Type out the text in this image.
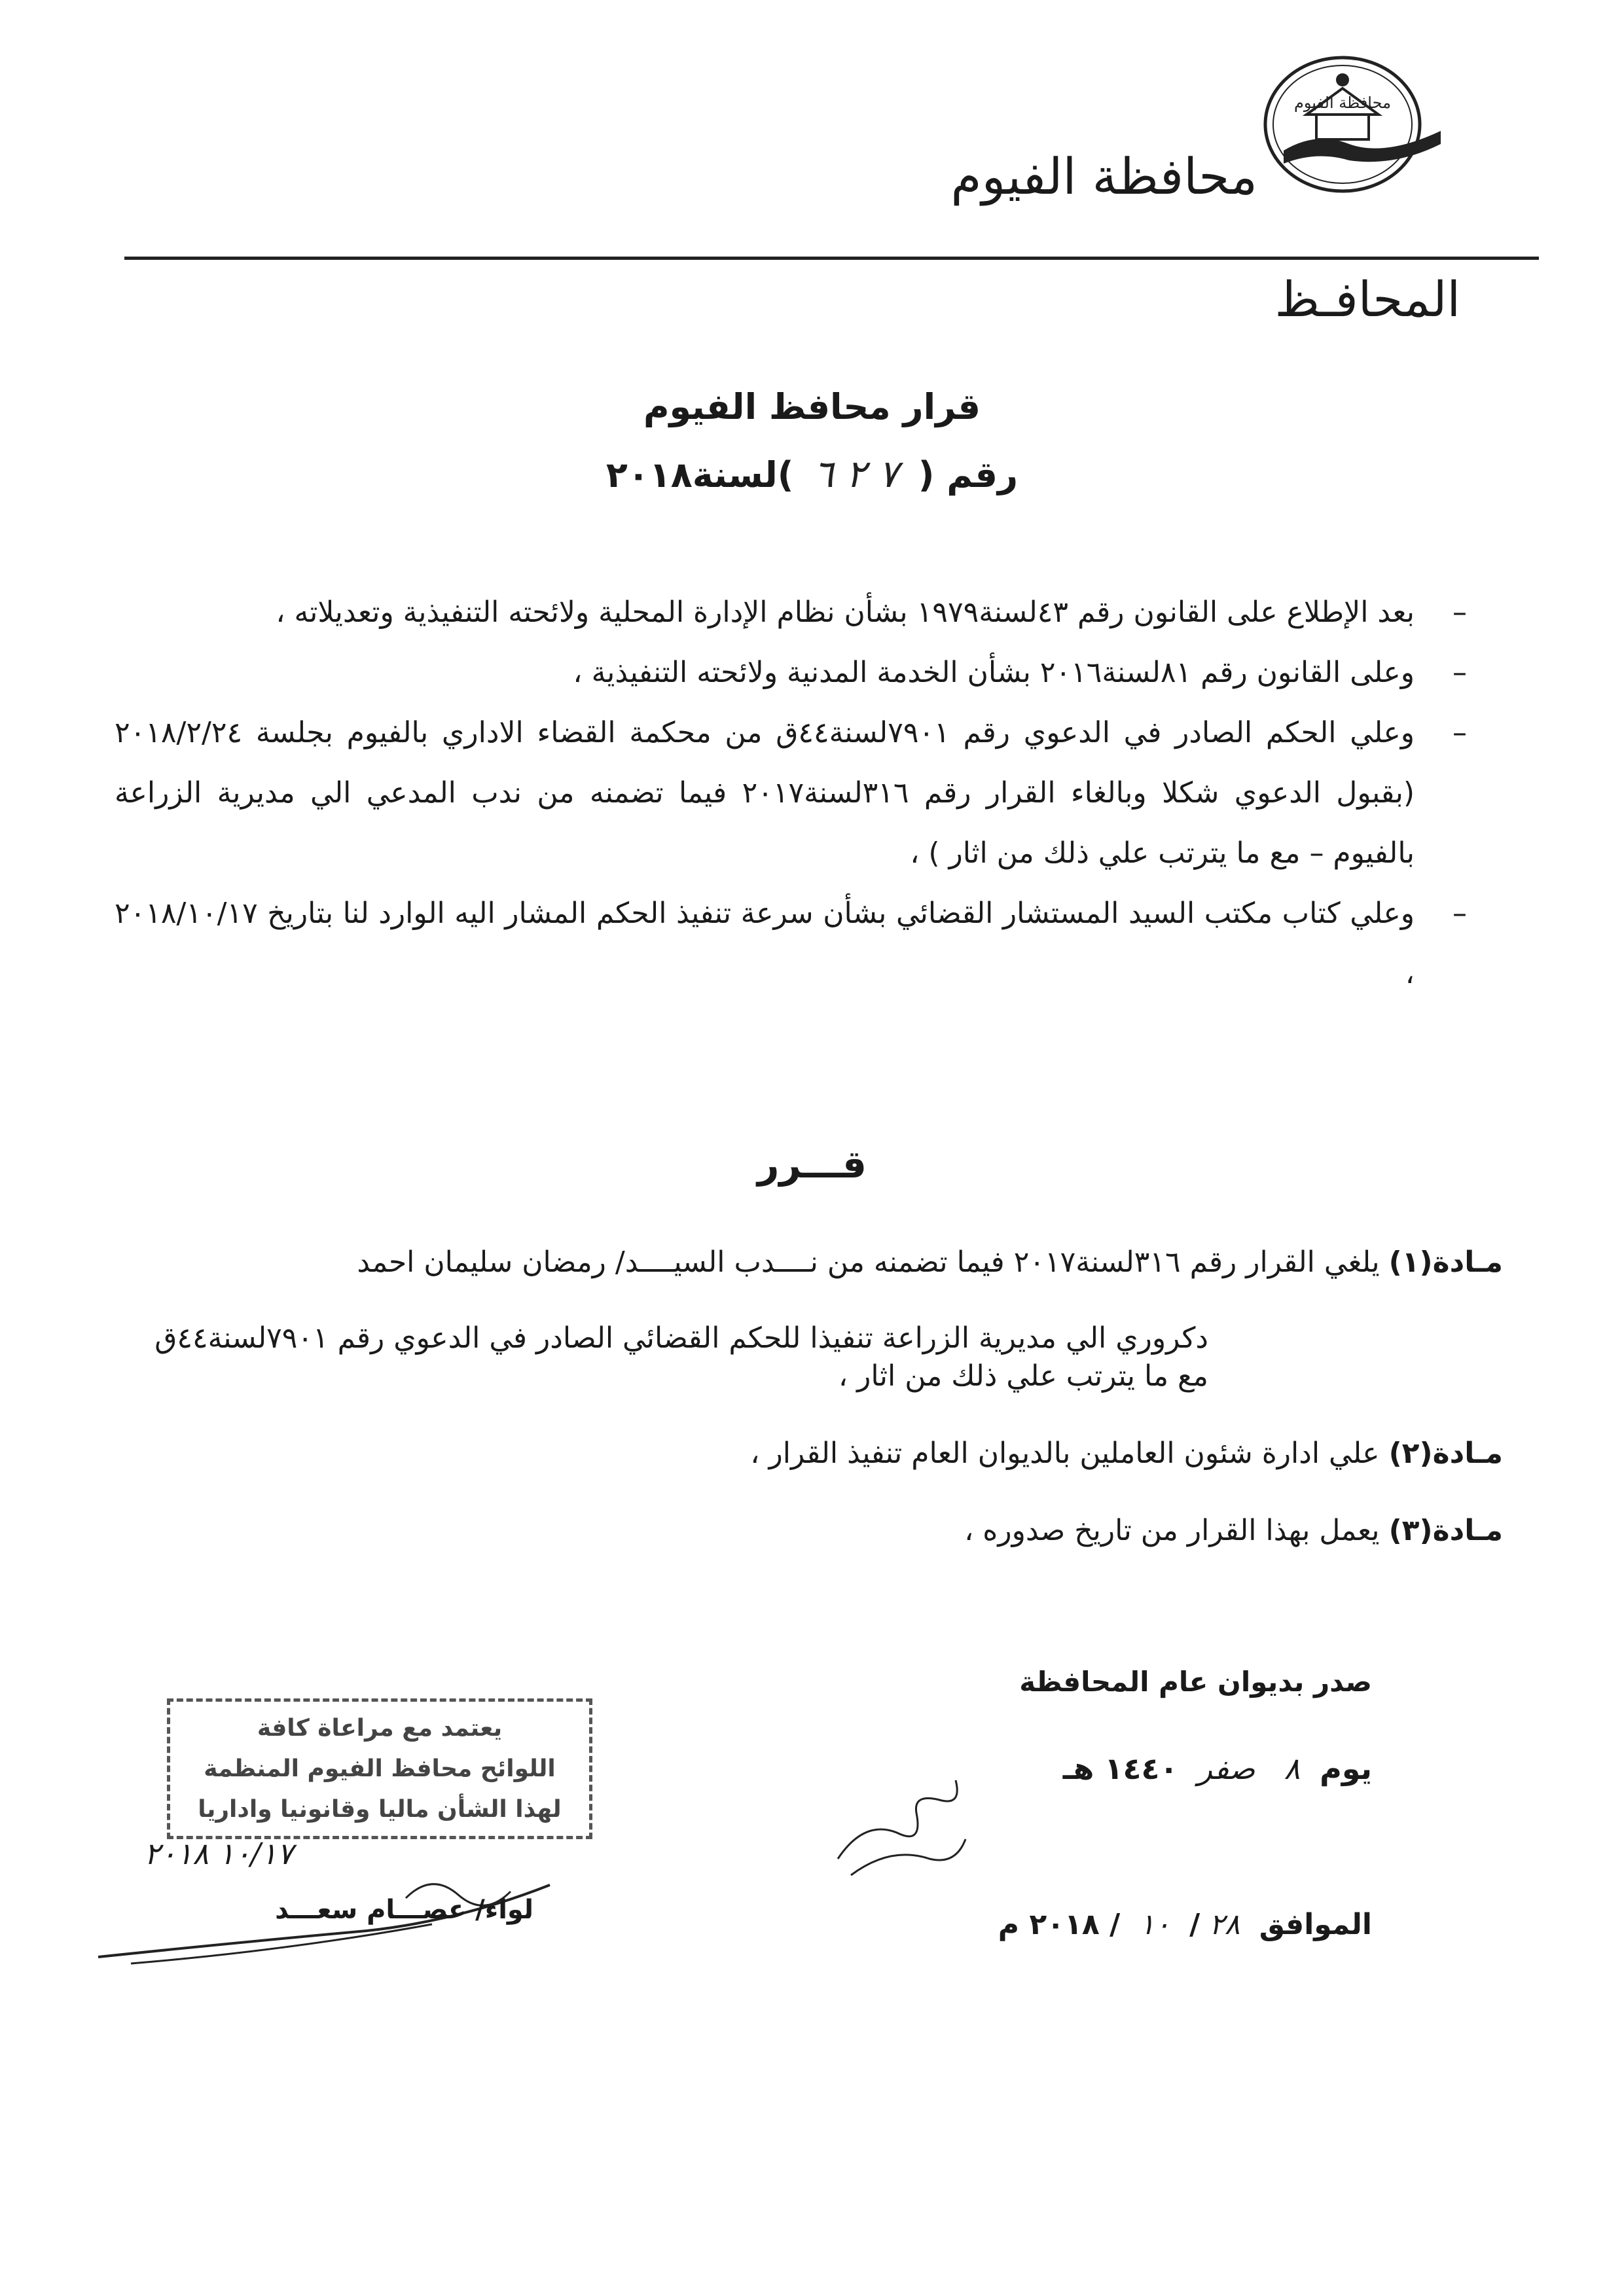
محافظة الفيوم
محافظة الفيوم
المحافـظ
قرار محافظ الفيوم
رقم (٧ ٢ ٦)لسنة٢٠١٨
–
بعد الإطلاع على القانون رقم ٤٣لسنة١٩٧٩ بشأن نظام الإدارة المحلية ولائحته التنفيذية وتعديلاته ،
–
وعلى القانون رقم ٨١لسنة٢٠١٦ بشأن الخدمة المدنية ولائحته التنفيذية ،
–
وعلي الحكم الصادر في الدعوي رقم ٧٩٠١لسنة٤٤ق من محكمة القضاء الاداري بالفيوم بجلسة ٢٠١٨/٢/٢٤ (بقبول الدعوي شكلا وبالغاء القرار رقم ٣١٦لسنة٢٠١٧ فيما تضمنه من ندب المدعي الي مديرية الزراعة بالفيوم – مع ما يترتب علي ذلك من اثار ) ،
–
وعلي كتاب مكتب السيد المستشار القضائي بشأن سرعة تنفيذ الحكم المشار اليه الوارد لنا بتاريخ ٢٠١٨/١٠/١٧ ،
قـــرر
مـادة(١)يلغي القرار رقم ٣١٦لسنة٢٠١٧ فيما تضمنه من نــــدب السيــــد/ رمضان سليمان احمد
دكروري الي مديرية الزراعة تنفيذا للحكم القضائي الصادر في الدعوي رقم ٧٩٠١لسنة٤٤ق مع ما يترتب علي ذلك من اثار ،
مـادة(٢)علي ادارة شئون العاملين بالديوان العام تنفيذ القرار ،
مـادة(٣)يعمل بهذا القرار من تاريخ صدوره ،
صدر بديوان عام المحافظة
يوم ٨ صفر ١٤٤٠ هـ
الموافق ٢٨/ ١٠ / ٢٠١٨ م

يعتمد مع مراعاة كافة

اللوائح محافظ الفيوم المنظمة

لهذا الشأن ماليا وقانونيا واداريا

١٠/١٧ ٢٠١٨
لواء/ عصـــام سعـــد
